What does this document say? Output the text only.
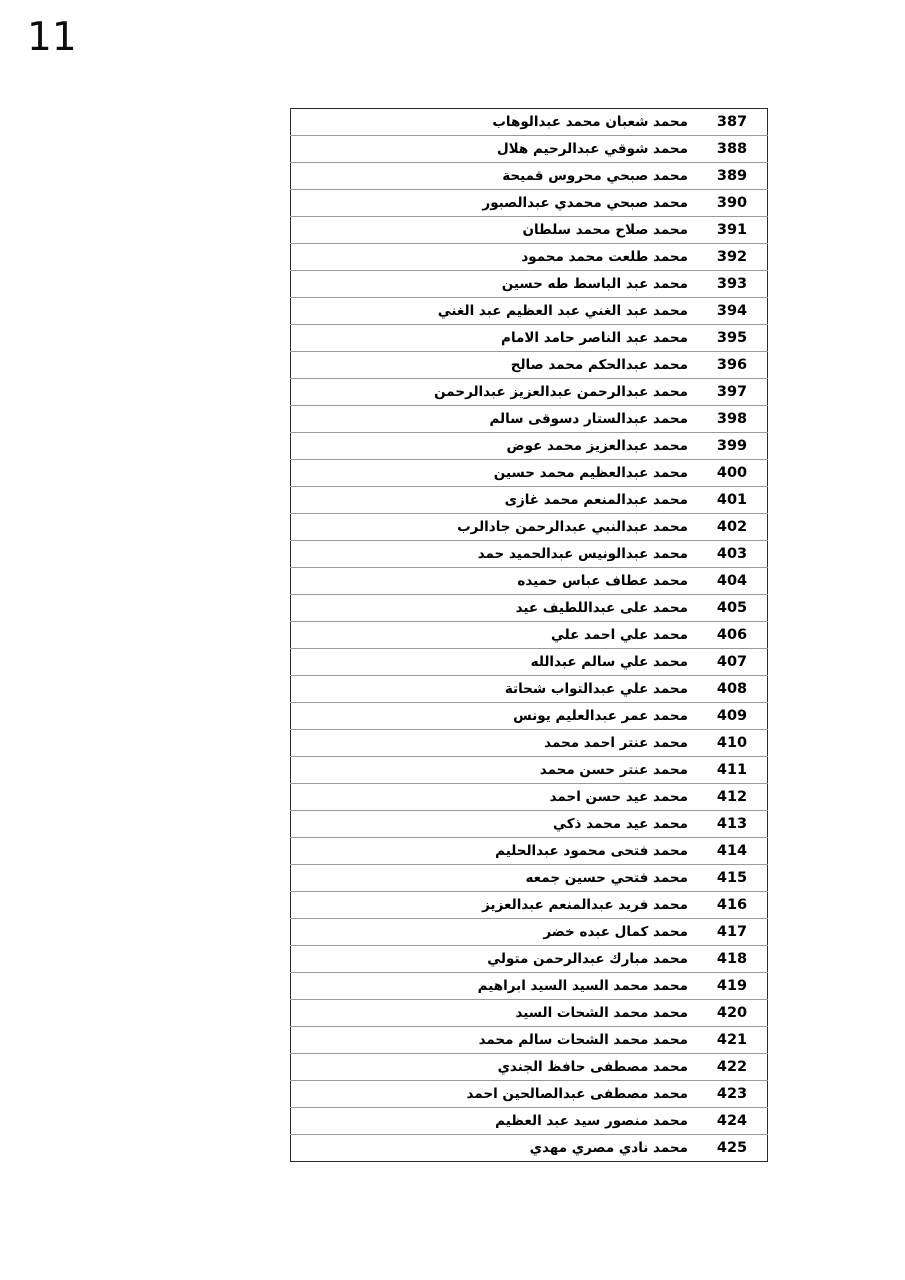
11
387	محمد شعبان محمد عبدالوهاب
388	محمد شوقي عبدالرحيم هلال
389	محمد صبحي محروس قميحة
390	محمد صبحي محمدي عبدالصبور
391	محمد صلاح محمد سلطان
392	محمد طلعت محمد محمود
393	محمد عبد الباسط طه حسين
394	محمد عبد الغني عبد العظيم عبد الغني
395	محمد عبد الناصر حامد الامام
396	محمد عبدالحكم محمد صالح
397	محمد عبدالرحمن عبدالعزيز عبدالرحمن
398	محمد عبدالستار دسوقى سالم
399	محمد عبدالعزيز محمد عوض
400	محمد عبدالعظيم محمد حسين
401	محمد عبدالمنعم محمد غازى
402	محمد عبدالنبي عبدالرحمن جادالرب
403	محمد عبدالونيس عبدالحميد حمد
404	محمد عطاف عباس حميده
405	محمد على عبداللطيف عيد
406	محمد علي احمد علي
407	محمد علي سالم عبدالله
408	محمد علي عبدالتواب شحاتة
409	محمد عمر عبدالعليم يونس
410	محمد عنتر احمد محمد
411	محمد عنتر حسن محمد
412	محمد عيد حسن احمد
413	محمد عيد محمد ذكي
414	محمد فتحى محمود عبدالحليم
415	محمد فتحي حسين جمعه
416	محمد فريد عبدالمنعم عبدالعزيز
417	محمد كمال عبده خضر
418	محمد مبارك عبدالرحمن متولي
419	محمد محمد السيد السيد ابراهيم
420	محمد محمد الشحات السيد
421	محمد محمد الشحات سالم محمد
422	محمد مصطفى حافظ الجندي
423	محمد مصطفى عبدالصالحين احمد
424	محمد منصور سيد عبد العظيم
425	محمد نادي مصري مهدي
